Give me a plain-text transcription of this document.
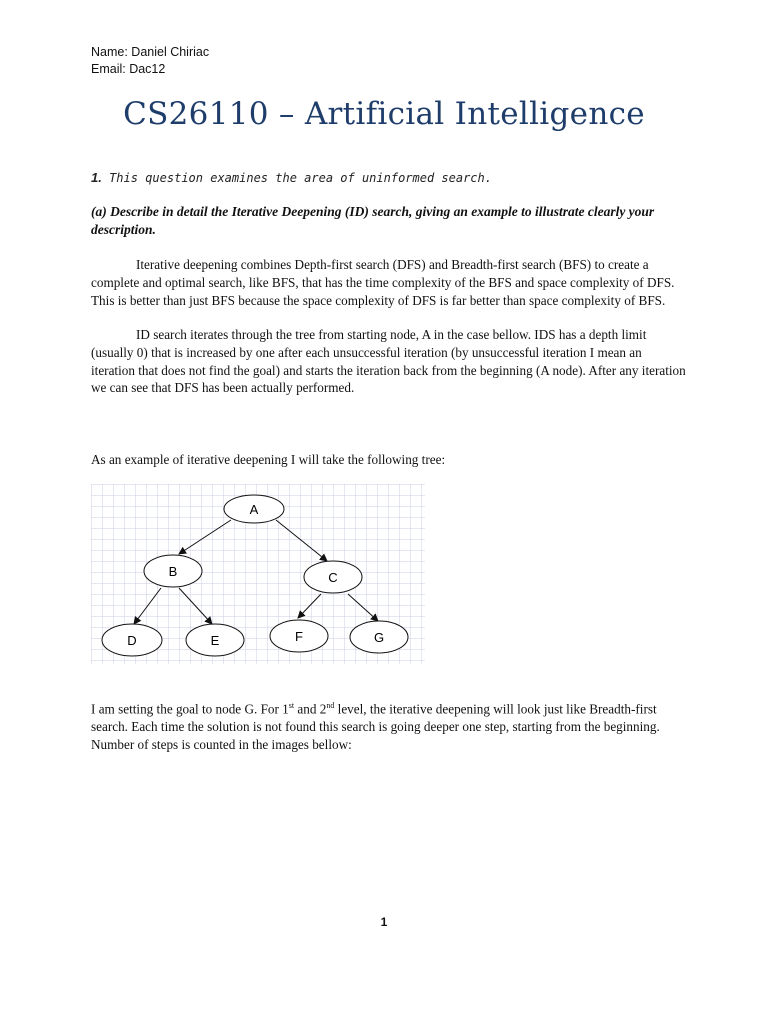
Name: Daniel Chiriac
Email: Dac12
CS26110 – Artificial Intelligence
1. This question examines the area of uninformed search.
(a) Describe in detail the Iterative Deepening (ID) search, giving an example to illustrate clearly your description.
Iterative deepening combines Depth-first search (DFS) and Breadth-first search (BFS) to create a complete and optimal search, like BFS, that has the time complexity of the BFS and space complexity of DFS. This is better than just BFS because the space complexity of DFS is far better than space complexity of BFS.
ID search iterates through the tree from starting node, A in the case bellow. IDS has a depth limit (usually 0) that is increased by one after each unsuccessful iteration (by unsuccessful iteration I mean an iteration that does not find the goal) and starts the iteration back from the beginning (A node). After any iteration we can see that DFS has been actually performed.
As an example of iterative deepening I will take the following tree:
A
B	C
D	E	F	G
I am setting the goal to node G. For 1st and 2nd level, the iterative deepening will look just like Breadth-first search. Each time the solution is not found this search is going deeper one step, starting from the beginning. Number of steps is counted in the images bellow:
1
